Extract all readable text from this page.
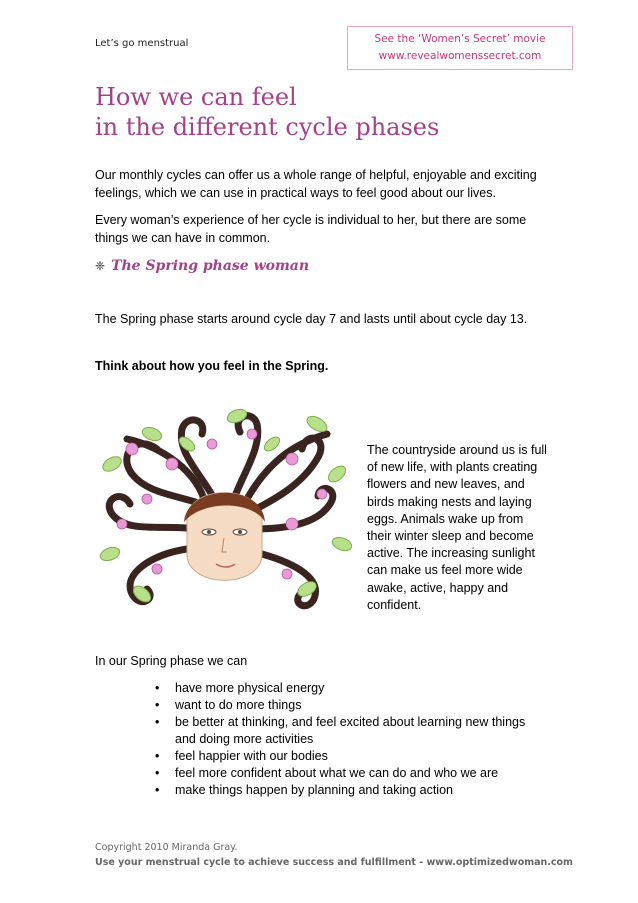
Let’s go menstrual	See the ‘Women’s Secret’ movie
www.revealwomenssecret.com
How we can feel
in the different cycle phases
Our monthly cycles can offer us a whole range of helpful, enjoyable and exciting feelings, which we can use in practical ways to feel good about our lives.
Every woman’s experience of her cycle is individual to her, but there are some things we can have in common.
❈ The Spring phase woman
The Spring phase starts around cycle day 7 and lasts until about cycle day 13.
Think about how you feel in the Spring.
The countryside around us is full of new life, with plants creating flowers and new leaves, and birds making nests and laying eggs. Animals wake up from their winter sleep and become active. The increasing sunlight can make us feel more wide awake, active, happy and confident.
In our Spring phase we can
• have more physical energy
• want to do more things
• be better at thinking, and feel excited about learning new things and doing more activities
• feel happier with our bodies
• feel more confident about what we can do and who we are
• make things happen by planning and taking action
Copyright 2010 Miranda Gray.
Use your menstrual cycle to achieve success and fulfillment - www.optimizedwoman.com
